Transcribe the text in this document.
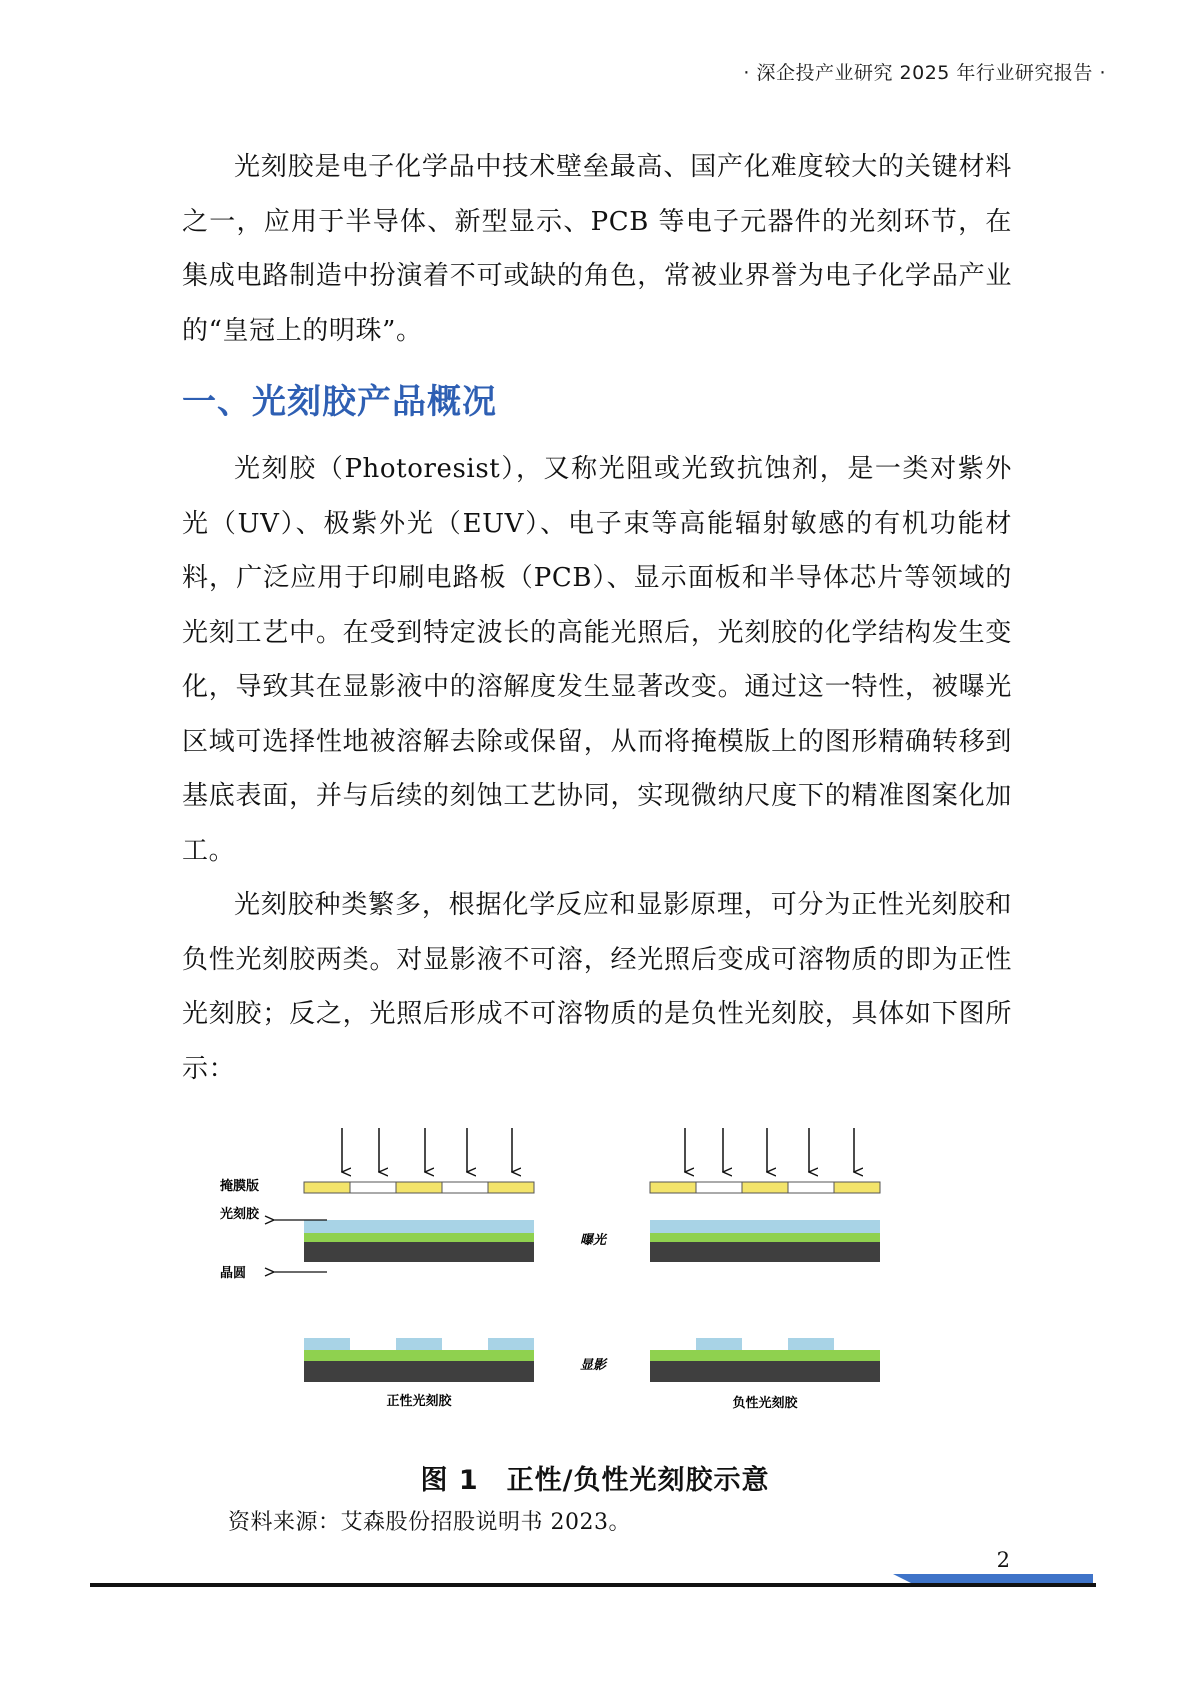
· 深企投产业研究 2025 年行业研究报告 ·

光刻胶是电子化学品中技术壁垒最高、国产化难度较大的关键材料之一，应用于半导体、新型显示、PCB 等电子元器件的光刻环节，在集成电路制造中扮演着不可或缺的角色，常被业界誉为电子化学品产业的“皇冠上的明珠”。

一、光刻胶产品概况

光刻胶（Photoresist），又称光阻或光致抗蚀剂，是一类对紫外光（UV）、极紫外光（EUV）、电子束等高能辐射敏感的有机功能材料，广泛应用于印刷电路板（PCB）、显示面板和半导体芯片等领域的光刻工艺中。在受到特定波长的高能光照后，光刻胶的化学结构发生变化，导致其在显影液中的溶解度发生显著改变。通过这一特性，被曝光区域可选择性地被溶解去除或保留，从而将掩模版上的图形精确转移到基底表面，并与后续的刻蚀工艺协同，实现微纳尺度下的精准图案化加工。

光刻胶种类繁多，根据化学反应和显影原理，可分为正性光刻胶和负性光刻胶两类。对显影液不可溶，经光照后变成可溶物质的即为正性光刻胶；反之，光照后形成不可溶物质的是负性光刻胶，具体如下图所示：

掩膜版
光刻胶
晶圆
曝光
显影
正性光刻胶	负性光刻胶
图 1 正性/负性光刻胶示意
资料来源：艾森股份招股说明书 2023。
2
